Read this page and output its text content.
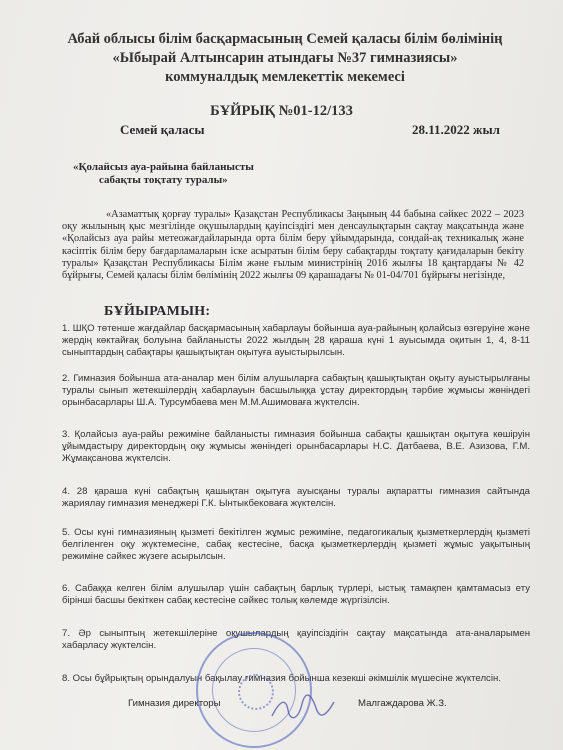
Абай облысы білім басқармасының Семей қаласы білім бөлімінің
«Ыбырай Алтынсарин атындағы №37 гимназиясы»
коммуналдық мемлекеттік мекемесі
БҰЙРЫҚ №01-12/133
Семей қаласы	28.11.2022 жыл
«Қолайсыз ауа-райына байланысты
сабақты тоқтату туралы»
«Азаматтық қорғау туралы» Қазақстан Республикасы Заңының 44 бабына сәйкес 2022 – 2023 оқу жылының қыс мезгілінде оқушылардың қауіпсіздігі мен денсаулықтарын сақтау мақсатында және «Қолайсыз ауа райы метеожағдайларында орта білім беру ұйымдарында, сондай-ақ техникалық және кәсіптік білім беру бағдарламаларын іске асыратын білім беру сабақтарды тоқтату қағидаларын бекіту туралы» Қазақстан Республикасы Білім және ғылым министрінің 2016 жылғы 18 қаңтардағы № 42 бұйрығы, Семей қаласы білім бөлімінің 2022 жылғы 09 қарашадағы № 01-04/701 бұйрығы негізінде,
БҰЙЫРАМЫН:
1. ШҚО төтенше жағдайлар басқармасының хабарлауы бойынша ауа-райының қолайсыз өзгеруіне және жердің көктайғақ болуына байланысты 2022 жылдың 28 қараша күні 1 ауысымда оқитын 1, 4, 8-11 сыныптардың сабақтары қашықтықтан оқытуға ауыстырылсын.
2. Гимназия бойынша ата-аналар мен білім алушыларға сабақтың қашықтықтан оқыту ауыстырылғаны туралы сынып жетекшілердің хабарлауын басшылыққа ұстау директордың тәрбие жұмысы жөніндегі орынбасарлары Ш.А. Турсумбаева мен М.М.Ашимоваға жүктелсін.
3. Қолайсыз ауа-райы режиміне байланысты гимназия бойынша сабақты қашықтан оқытуға көшіруін ұйымдастыру директордың оқу жұмысы жөніндегі орынбасарлары Н.С. Датбаева, В.Е. Азизова, Г.М. Жұмақсанова жүктелсін.
4. 28 қараша күні сабақтың қашықтан оқытуға ауысқаны туралы ақпаратты гимназия сайтында жариялау гимназия менеджері Г.К. Ынтыкбековаға жүктелсін.
5. Осы күні гимназияның қызметі бекітілген жұмыс режиміне, педагогикалық қызметкерлердің қызметі белгіленген оқу жүктемесіне, сабақ кестесіне, басқа қызметкерлердің қызметі жұмыс уақытының режиміне сәйкес жүзеге асырылсын.
6. Сабаққа келген білім алушылар үшін сабақтың барлық түрлері, ыстық тамақпен қамтамасыз ету бірінші басшы бекіткен сабақ кестесіне сәйкес толық көлемде жүргізілсін.
7. Әр сыныптың жетекшілеріне оқушылардың қауіпсіздігін сақтау мақсатында ата-аналарымен хабарласу жүктелсін.
8. Осы бұйрықтың орындалуын бақылау гимназия бойынша кезекші әкімшілік мүшесіне жүктелсін.
Гимназия директоры	Малгаждарова Ж.З.
